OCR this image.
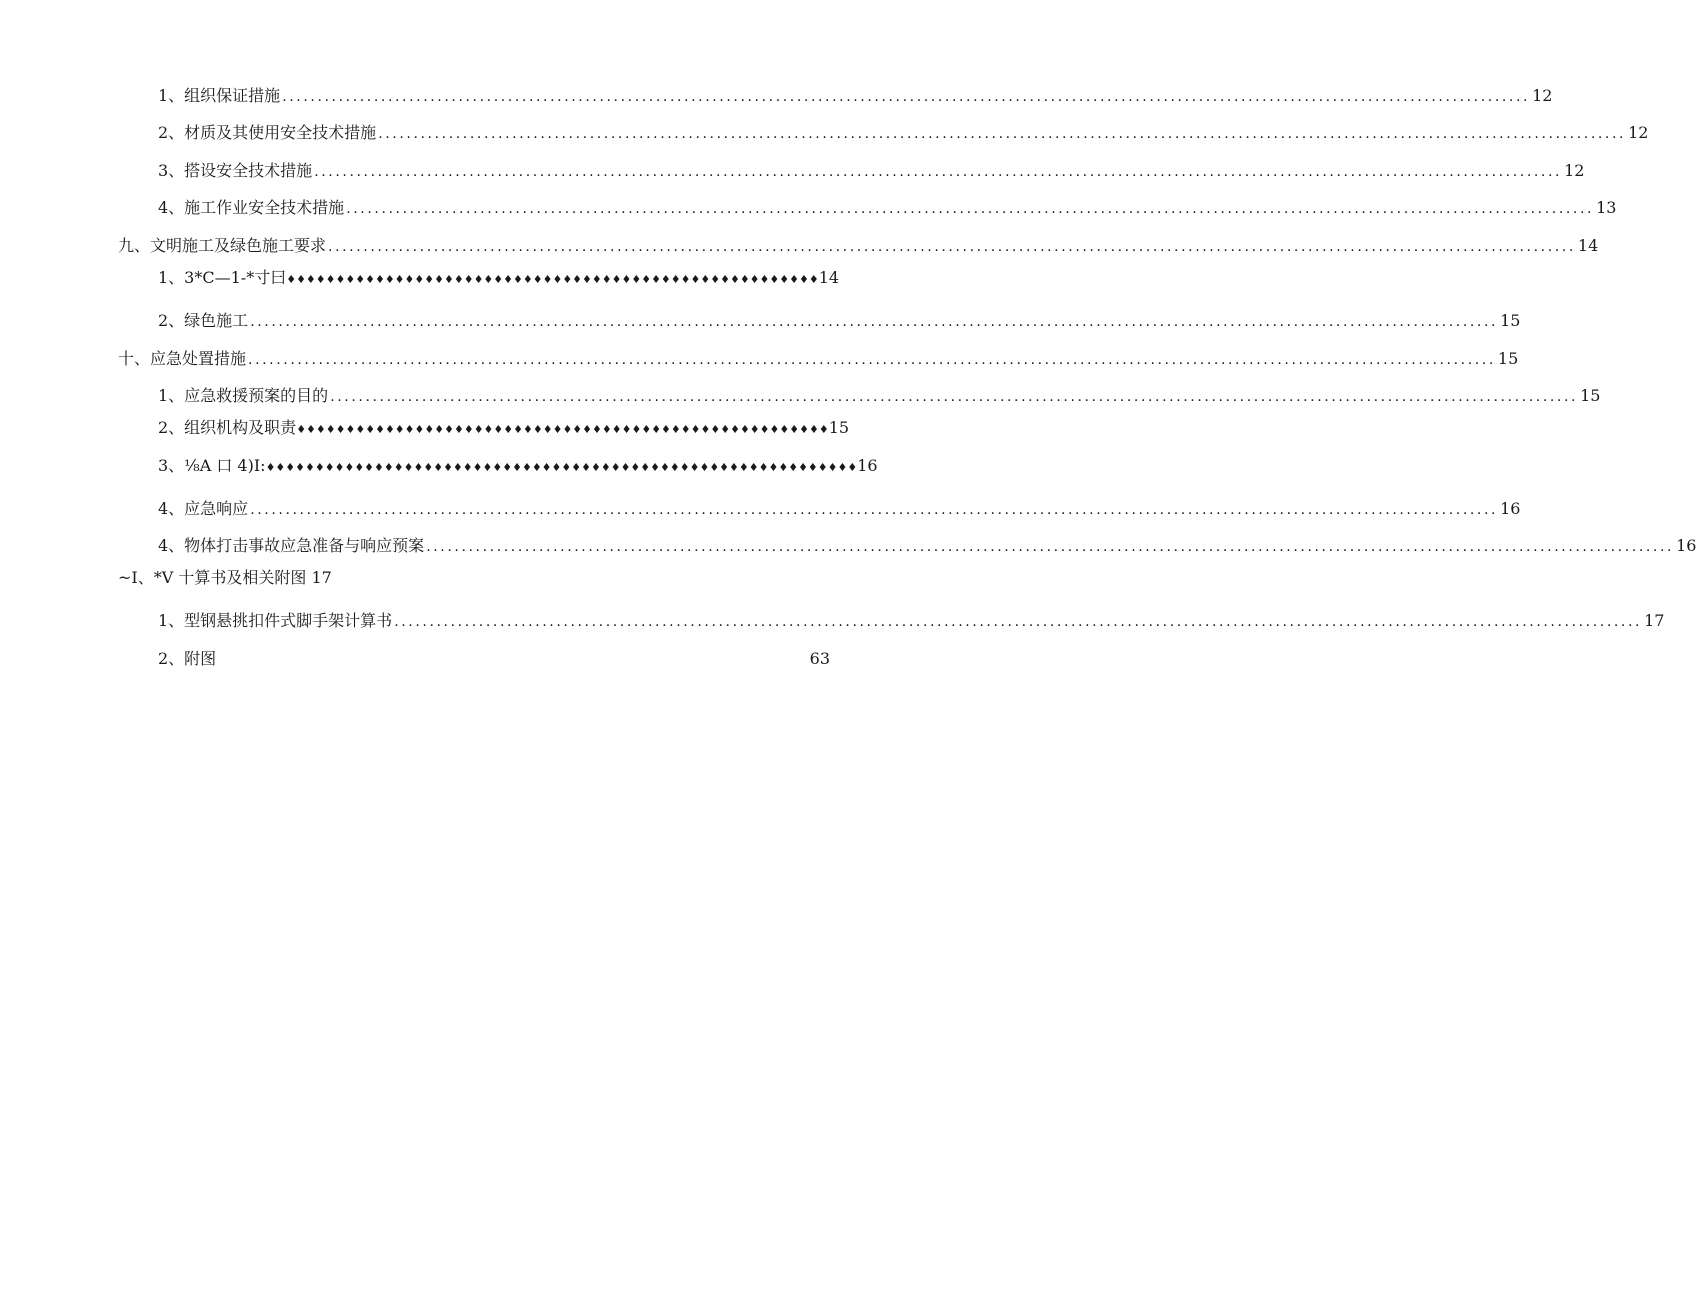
1、组织保证措施 .....	12
2、材质及其使用安全技术措施 .....	12
3、搭设安全技术措施 .....	12
4、施工作业安全技术措施 .....	13
九、文明施工及绿色施工要求 .....	14
1、3*C—1-*寸曰♦♦♦♦♦♦♦♦♦♦♦♦♦♦♦♦♦♦♦♦♦♦♦♦♦♦♦♦♦♦♦♦♦♦♦♦♦♦♦♦♦♦♦♦♦♦♦♦♦♦♦♦♦♦14
2、绿色施工 .....	15
十、应急处置措施 .....	15
1、应急救援预案的目的 .....	15
2、组织机构及职责♦♦♦♦♦♦♦♦♦♦♦♦♦♦♦♦♦♦♦♦♦♦♦♦♦♦♦♦♦♦♦♦♦♦♦♦♦♦♦♦♦♦♦♦♦♦♦♦♦♦♦♦♦♦15
3、⅛A 口 4)I:♦♦♦♦♦♦♦♦♦♦♦♦♦♦♦♦♦♦♦♦♦♦♦♦♦♦♦♦♦♦♦♦♦♦♦♦♦♦♦♦♦♦♦♦♦♦♦♦♦♦♦♦♦♦♦♦♦♦♦♦16
4、应急响应 .....	16
4、物体打击事故应急准备与响应预案 .....	16
~I、*V 十算书及相关附图 17
1、型钢悬挑扣件式脚手架计算书 .....	17
2、附图	63
